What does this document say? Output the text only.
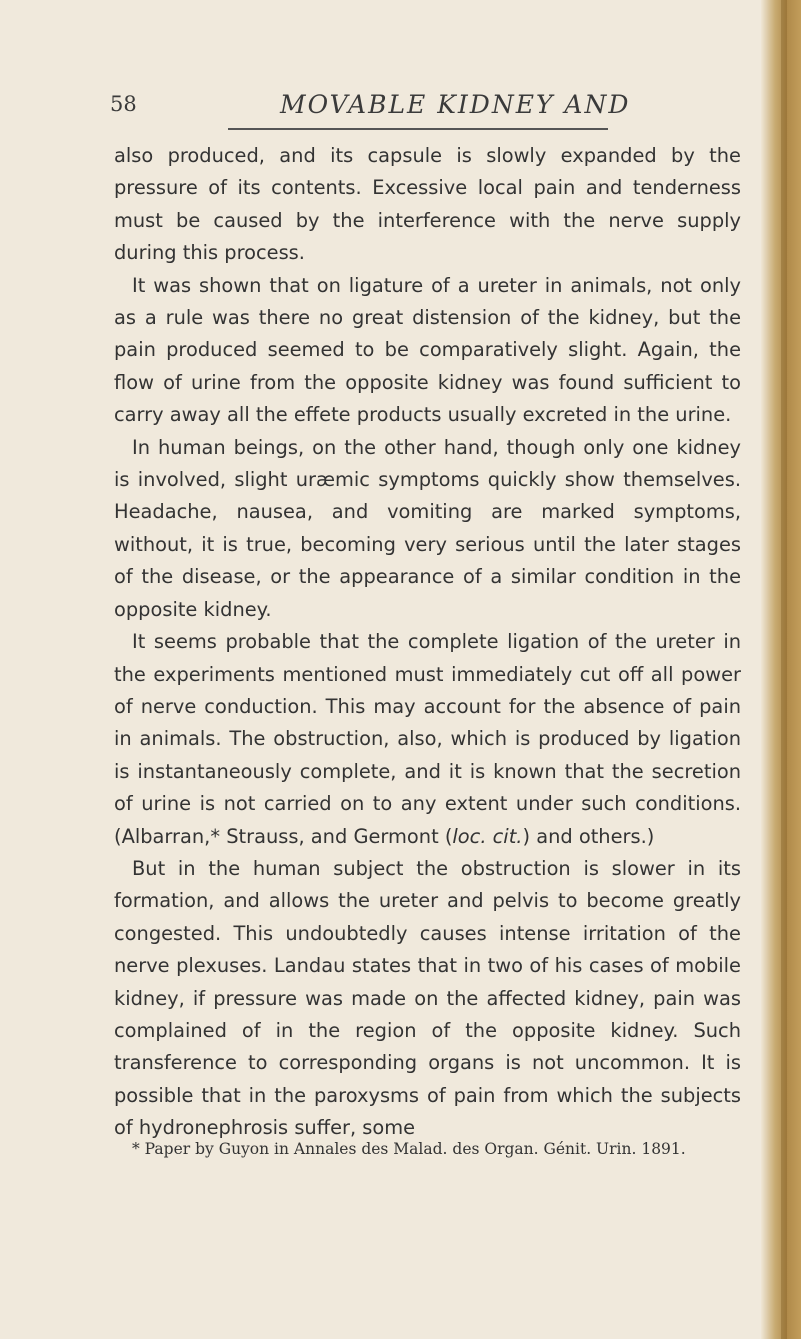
58	MOVABLE KIDNEY AND

also produced, and its capsule is slowly expanded by the pressure of its contents. Excessive local pain and tenderness must be caused by the interference with the nerve supply during this process.

It was shown that on ligature of a ureter in animals, not only as a rule was there no great distension of the kidney, but the pain produced seemed to be comparatively slight. Again, the flow of urine from the opposite kidney was found sufficient to carry away all the effete products usually excreted in the urine.

In human beings, on the other hand, though only one kidney is involved, slight uræmic symptoms quickly show themselves. Headache, nausea, and vomiting are marked symptoms, without, it is true, becoming very serious until the later stages of the disease, or the appearance of a similar condition in the opposite kidney.

It seems probable that the complete ligation of the ureter in the experiments mentioned must immediately cut off all power of nerve conduction. This may account for the absence of pain in animals. The obstruction, also, which is produced by ligation is instantaneously complete, and it is known that the secretion of urine is not carried on to any extent under such conditions. (Albarran,* Strauss, and Germont (loc. cit.) and others.)

But in the human subject the obstruction is slower in its formation, and allows the ureter and pelvis to become greatly congested. This undoubtedly causes intense irritation of the nerve plexuses. Landau states that in two of his cases of mobile kidney, if pressure was made on the affected kidney, pain was complained of in the region of the opposite kidney. Such transference to corresponding organs is not uncommon. It is possible that in the paroxysms of pain from which the subjects of hydronephrosis suffer, some

* Paper by Guyon in Annales des Malad. des Organ. Génit. Urin. 1891.
